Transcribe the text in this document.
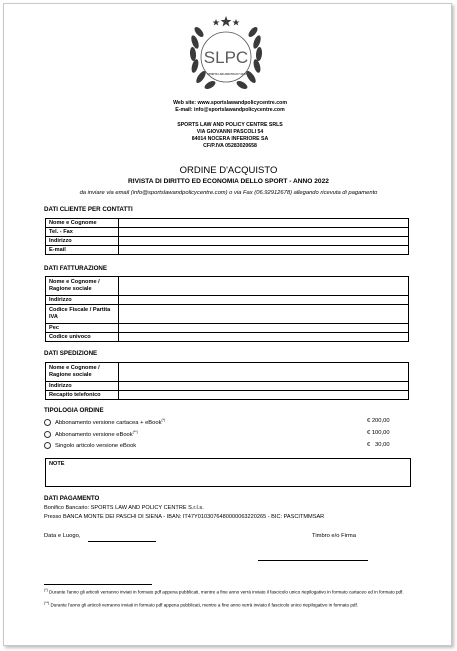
SLPC
SPORTS LAW AND POLICY CENTRE
Web site: www.sportslawandpolicycentre.com
E-mail: info@sportslawandpolicycentre.com
SPORTS LAW AND POLICY CENTRE SRLS
VIA GIOVANNI PASCOLI 54
84014 NOCERA INFERIORE SA
CF/P.IVA 05283020658
ORDINE D'ACQUISTO
RIVISTA DI DIRITTO ED ECONOMIA DELLO SPORT - ANNO 2022
da inviare via email (info@sportslawandpolicycentre.com) o via Fax (06.92912678) allegando ricevuta di pagamento
DATI CLIENTE PER CONTATTI
Nome e Cognome	
Tel. - Fax	
Indirizzo	
E-mail	
DATI FATTURAZIONE
Nome e Cognome / Ragione sociale	
Indirizzo	
Codice Fiscale / Partita IVA	
Pec	
Codice univoco	
DATI SPEDIZIONE
Nome e Cognome / Ragione sociale	
Indirizzo	
Recapito telefonico	
TIPOLOGIA ORDINE
Abbonamento versione cartacea + eBook(*)	€ 200,00
Abbonamento versione eBook(**)	€ 100,00
Singolo articolo versione eBook	€   30,00
NOTE
DATI PAGAMENTO
Bonifico Bancario: SPORTS LAW AND POLICY CENTRE S.r.l.s.
Presso BANCA MONTE DEI PASCHI DI SIENA - IBAN: IT47Y0103076480000063220265 - BIC: PASCITMMSAR
Data e Luogo,	Timbro e/o Firma
(*) Durante l'anno gli articoli verranno inviati in formato pdf appena pubblicati, mentre a fine anno verrà inviato il fascicolo unico riepilogativo in formato cartaceo ed in formato pdf.
(**) Durante l'anno gli articoli verranno inviati in formato pdf appena pubblicati, mentre a fine anno verrà inviato il fascicolo unico riepilogativo in formato pdf.
